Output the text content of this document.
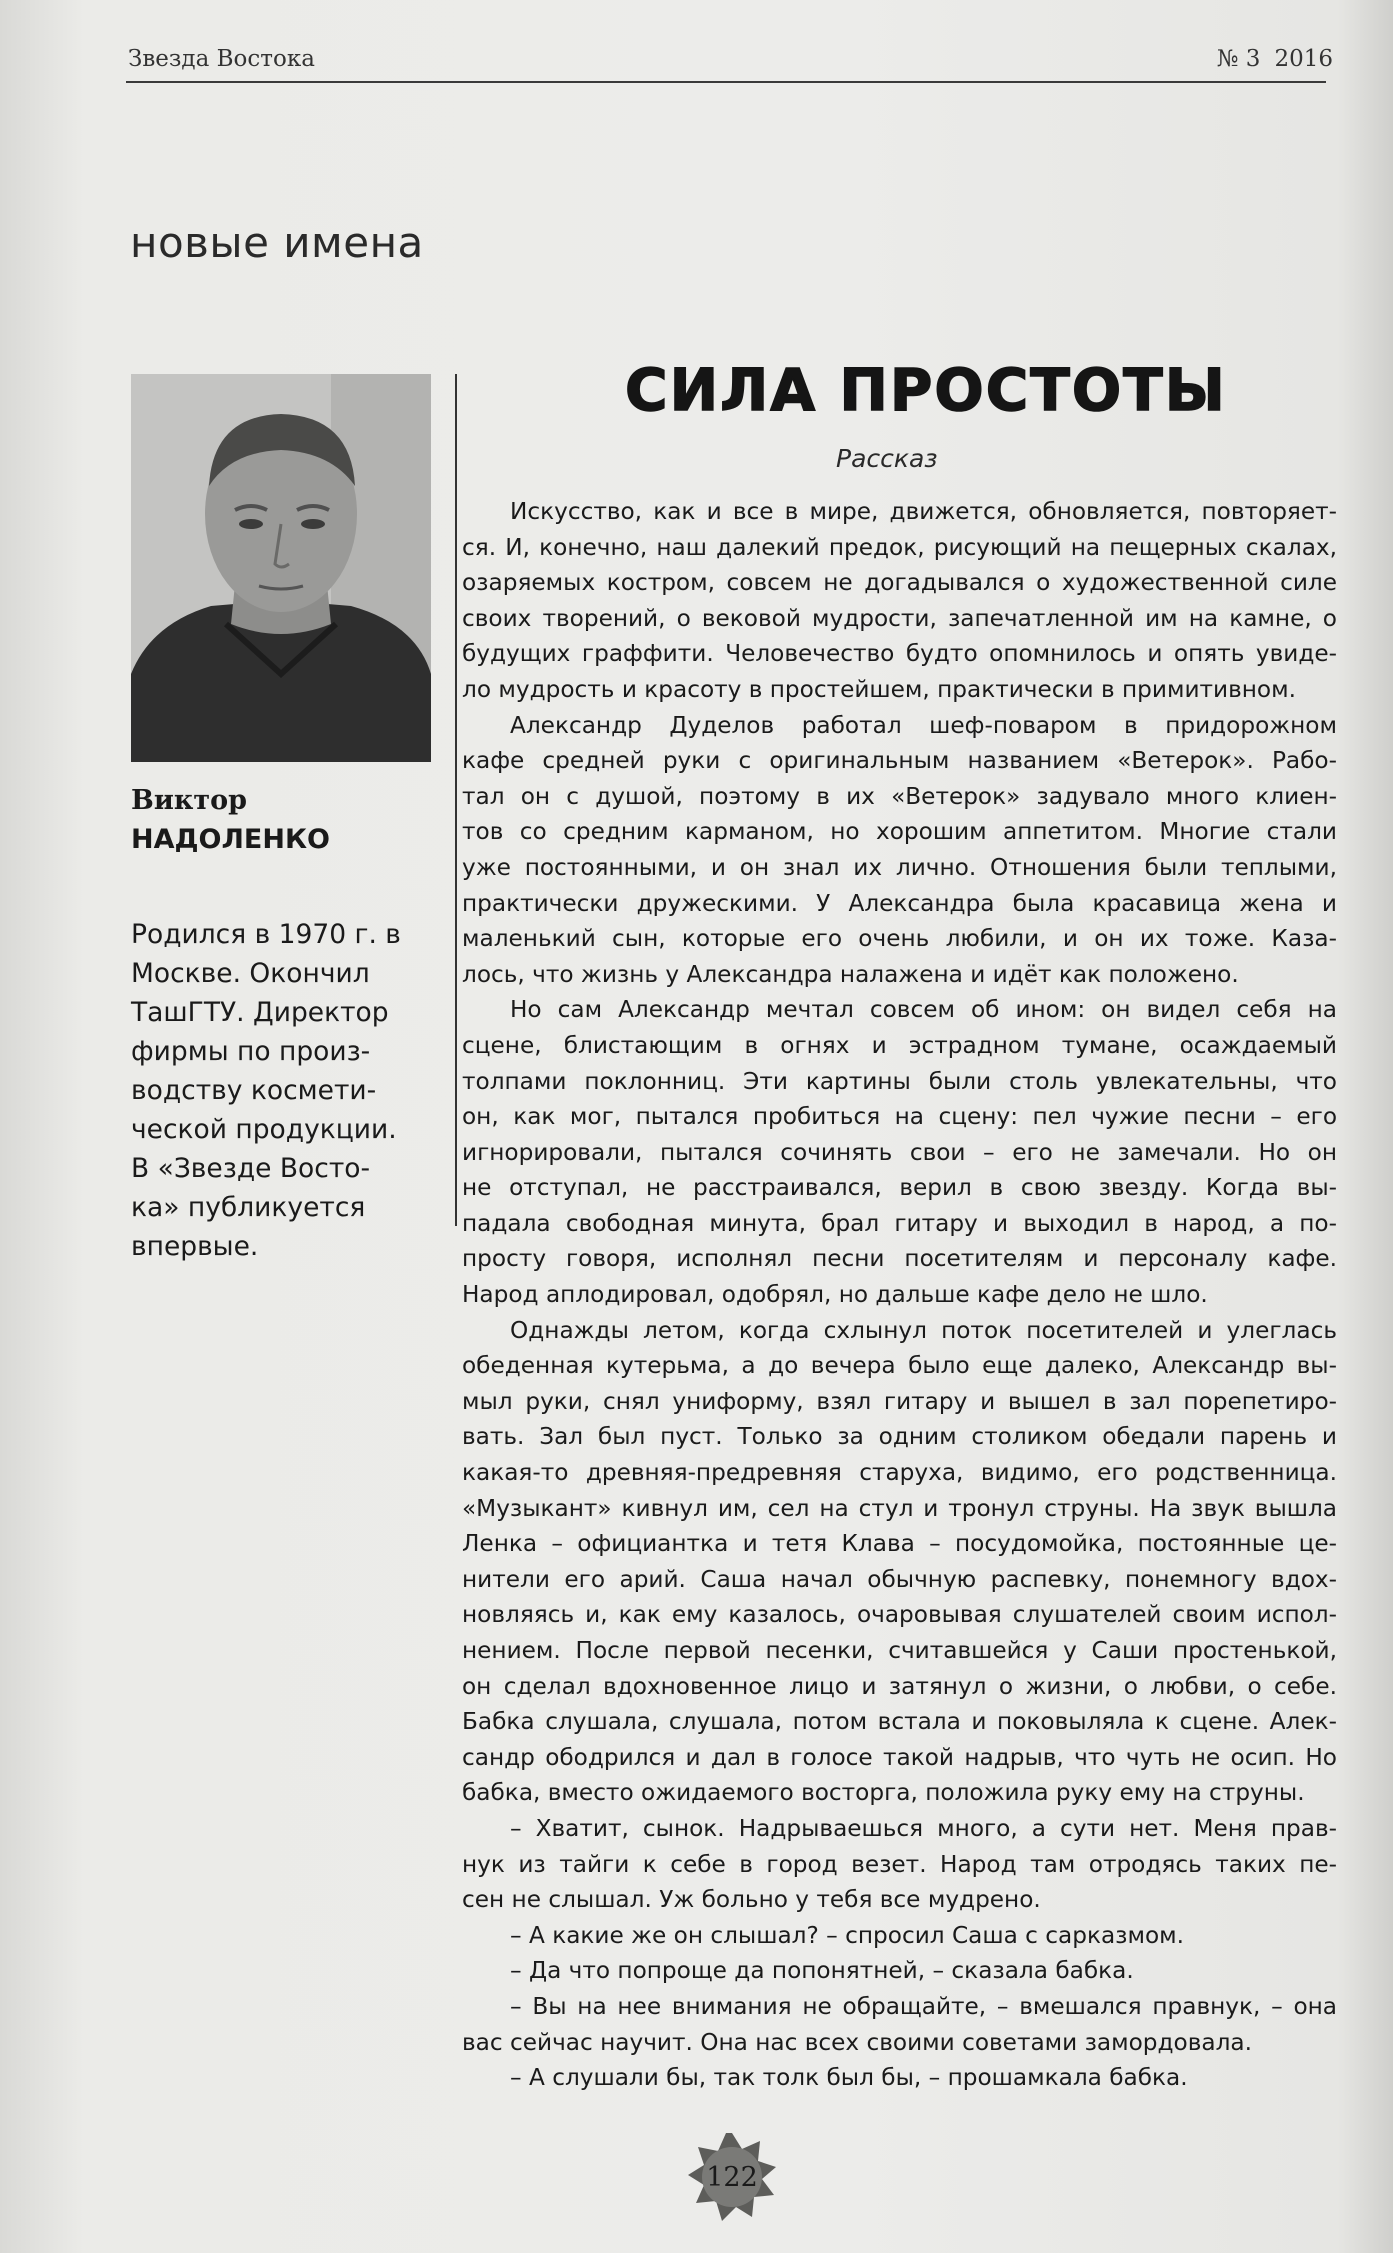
Звезда Востока	№ 3 2016
новые имена
Виктор
НАДОЛЕНКО
Родился в 1970 г. в
Москве. Окончил
ТашГТУ. Директор
фирмы по произ-
водству космети-
ческой продукции.
В «Звезде Восто-
ка» публикуется
впервые.
СИЛА ПРОСТОТЫ
Рассказ
Искусство, как и все в мире, движется, обновляется, повторяет-
ся. И, конечно, наш далекий предок, рисующий на пещерных скалах,
озаряемых костром, совсем не догадывался о художественной силе
своих творений, о вековой мудрости, запечатленной им на камне, о
будущих граффити. Человечество будто опомнилось и опять увиде-
ло мудрость и красоту в простейшем, практически в примитивном.
Александр Дуделов работал шеф-поваром в придорожном
кафе средней руки с оригинальным названием «Ветерок». Рабо-
тал он с душой, поэтому в их «Ветерок» задувало много клиен-
тов со средним карманом, но хорошим аппетитом. Многие стали
уже постоянными, и он знал их лично. Отношения были теплыми,
практически дружескими. У Александра была красавица жена и
маленький сын, которые его очень любили, и он их тоже. Каза-
лось, что жизнь у Александра налажена и идёт как положено.
Но сам Александр мечтал совсем об ином: он видел себя на
сцене, блистающим в огнях и эстрадном тумане, осаждаемый
толпами поклонниц. Эти картины были столь увлекательны, что
он, как мог, пытался пробиться на сцену: пел чужие песни – его
игнорировали, пытался сочинять свои – его не замечали. Но он
не отступал, не расстраивался, верил в свою звезду. Когда вы-
падала свободная минута, брал гитару и выходил в народ, а по-
просту говоря, исполнял песни посетителям и персоналу кафе.
Народ аплодировал, одобрял, но дальше кафе дело не шло.
Однажды летом, когда схлынул поток посетителей и улеглась
обеденная кутерьма, а до вечера было еще далеко, Александр вы-
мыл руки, снял униформу, взял гитару и вышел в зал порепетиро-
вать. Зал был пуст. Только за одним столиком обедали парень и
какая-то древняя-предревняя старуха, видимо, его родственница.
«Музыкант» кивнул им, сел на стул и тронул струны. На звук вышла
Ленка – официантка и тетя Клава – посудомойка, постоянные це-
нители его арий. Саша начал обычную распевку, понемногу вдох-
новляясь и, как ему казалось, очаровывая слушателей своим испол-
нением. После первой песенки, считавшейся у Саши простенькой,
он сделал вдохновенное лицо и затянул о жизни, о любви, о себе.
Бабка слушала, слушала, потом встала и поковыляла к сцене. Алек-
сандр ободрился и дал в голосе такой надрыв, что чуть не осип. Но
бабка, вместо ожидаемого восторга, положила руку ему на струны.
– Хватит, сынок. Надрываешься много, а сути нет. Меня прав-
нук из тайги к себе в город везет. Народ там отродясь таких пе-
сен не слышал. Уж больно у тебя все мудрено.
– А какие же он слышал? – спросил Саша с сарказмом.
– Да что попроще да попонятней, – сказала бабка.
– Вы на нее внимания не обращайте, – вмешался правнук, – она
вас сейчас научит. Она нас всех своими советами замордовала.
– А слушали бы, так толк был бы, – прошамкала бабка.
122
